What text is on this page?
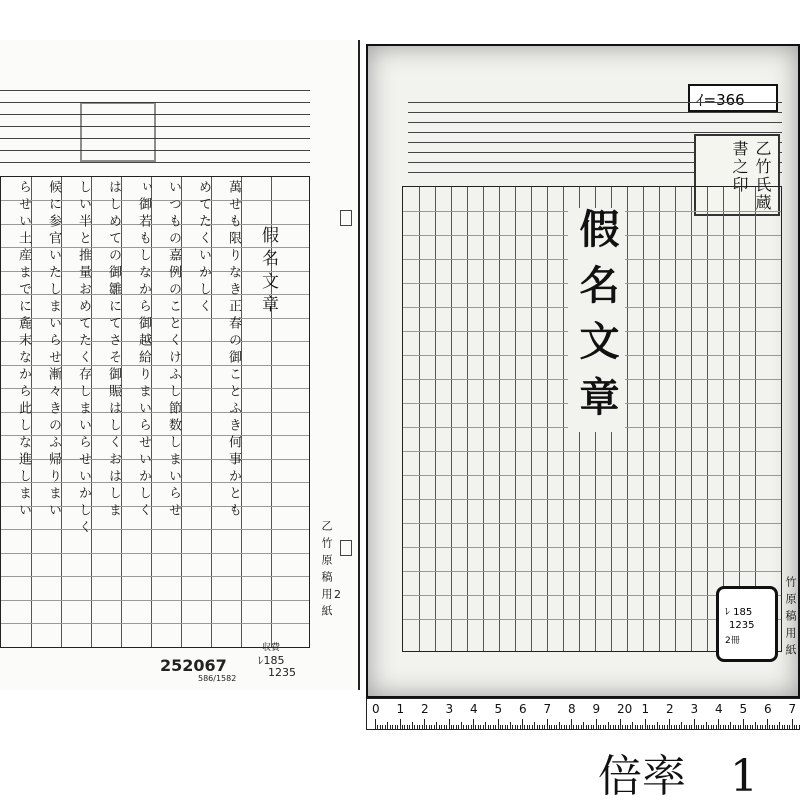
假名文章
萬せも限りなき正春の御ことふき何事かとも
めてたくいかしく
いつもの嘉例のことくけふし節数しまいらせ
ぃ御若もしなから御越給りまいらせいかしく
はしめての御雛にてさそ御賑はしくおはしま
しい半と推量おめてたく存しまいらせいかしく
候に参官いたしまいらせ漸々きのふ帰りまい
らせい土産までに麁末なから此しな進しまい
乙竹原稿用紙 2
252067
586/1582
収費
ﾚ185
1235
ｲ=366
乙竹氏蔵書之印
假名文章
竹原稿用紙
ﾚ 185
1235
2冊
0 1 2 3 4 5 6 7 8 9 20 1 2 3 4 5 6 7
倍率　1
